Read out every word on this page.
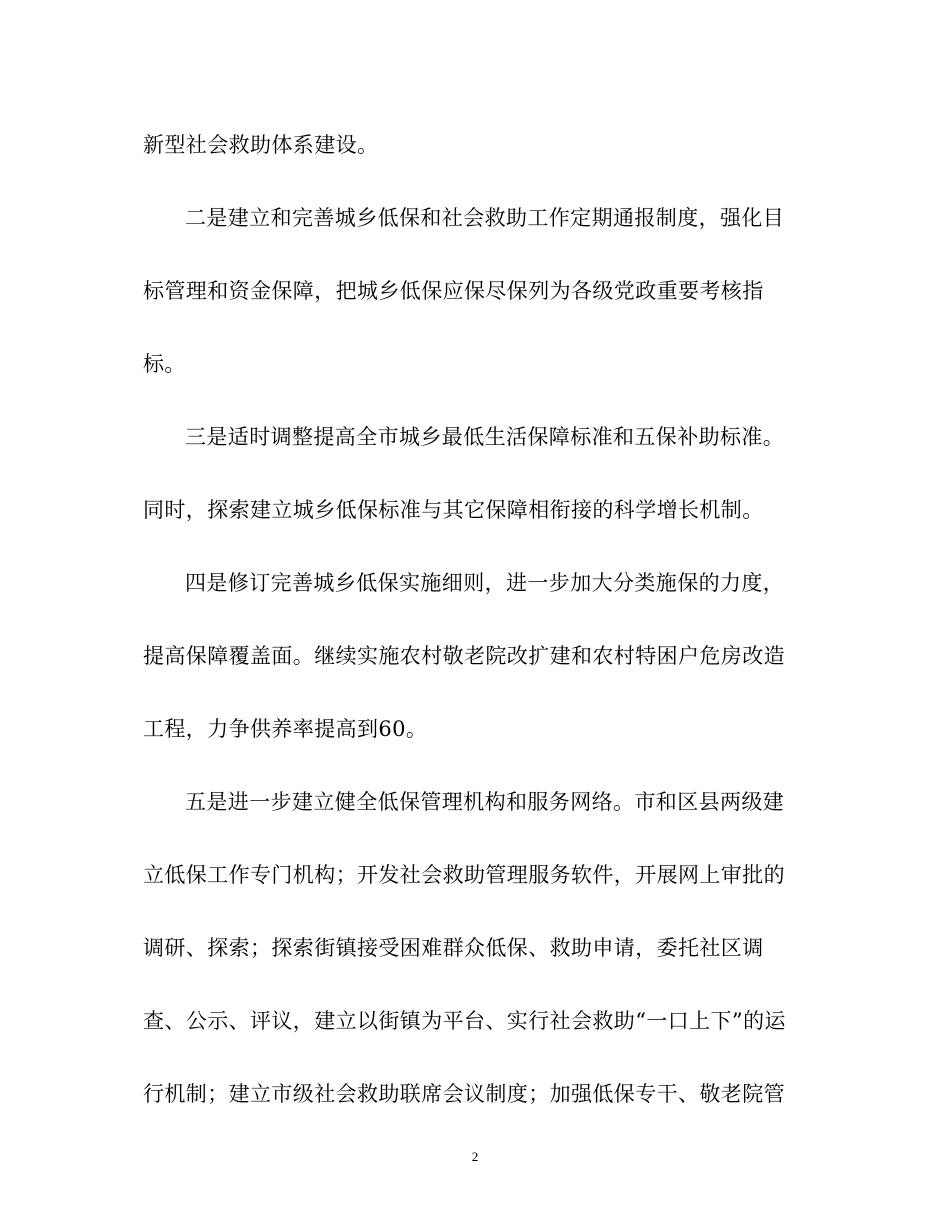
新型社会救助体系建设。
二是建立和完善城乡低保和社会救助工作定期通报制度，强化目
标管理和资金保障，把城乡低保应保尽保列为各级党政重要考核指
标。
三是适时调整提高全市城乡最低生活保障标准和五保补助标准。
同时，探索建立城乡低保标准与其它保障相衔接的科学增长机制。
四是修订完善城乡低保实施细则，进一步加大分类施保的力度，
提高保障覆盖面。继续实施农村敬老院改扩建和农村特困户危房改造
工程，力争供养率提高到60。
五是进一步建立健全低保管理机构和服务网络。市和区县两级建
立低保工作专门机构；开发社会救助管理服务软件，开展网上审批的
调研、探索；探索街镇接受困难群众低保、救助申请，委托社区调
查、公示、评议，建立以街镇为平台、实行社会救助“一口上下”的运
行机制；建立市级社会救助联席会议制度；加强低保专干、敬老院管
2
